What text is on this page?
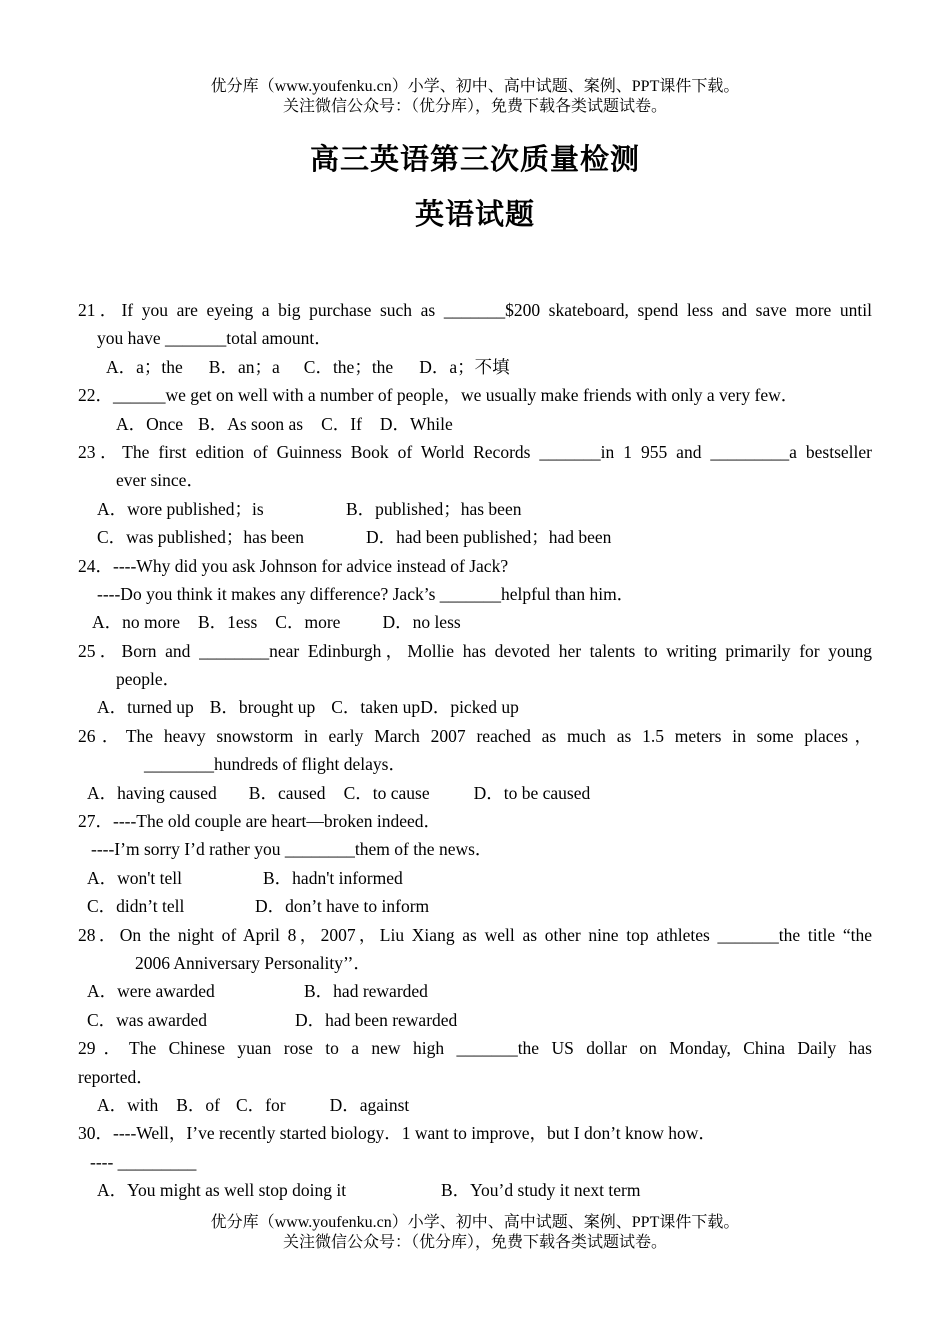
优分库（www.youfenku.cn）小学、初中、高中试题、案例、PPT课件下载。
关注微信公众号：（优分库），免费下载各类试题试卷。
高三英语第三次质量检测
英语试题
21．If you are eyeing a big purchase such as _______$200 skateboard, spend less and save more until
you have _______total amount．
A．a；the B．an；a C．the；the D．a；不填
22．______we get on well with a number of people，we usually make friends with only a very few．
A．Once B．As soon as C．If D．While
23．The first edition of Guinness Book of World Records _______in 1 955 and _________a bestseller
ever since．
A．wore published；is	B．published；has been
C．was published；has been	D．had been published；had been
24．----Why did you ask Johnson for advice instead of Jack?
----Do you think it makes any difference? Jack’s _______helpful than him．
A．no more B．1ess C．more D．no less
25．Born and ________near Edinburgh，Mollie has devoted her talents to writing primarily for young
people．
A．turned up B．brought up C．taken upD．picked up
26．The heavy snowstorm in early March 2007 reached as much as 1.5 meters in some places，
________hundreds of flight delays．
A．having caused B．caused C．to cause	D．to be caused
27．----The old couple are heart—broken indeed．
----I’m sorry I’d rather you ________them of the news．
A．won't tell	B．hadn't informed
C．didn’t tell	D．don’t have to inform
28．On the night of April 8，2007，Liu Xiang as well as other nine top athletes _______the title “the
2006 Anniversary Personality’’．
A．were awarded	B．had rewarded
C．was awarded	D．had been rewarded
29．The Chinese yuan rose to a new high _______the US dollar on Monday, China Daily has
reported．
A．with B．of C．for	D．against
30．----Well，I’ve recently started biology．1 want to improve，but I don’t know how．
---- _________
A．You might as well stop doing it	B．You’d study it next term
优分库（www.youfenku.cn）小学、初中、高中试题、案例、PPT课件下载。
关注微信公众号：（优分库），免费下载各类试题试卷。
